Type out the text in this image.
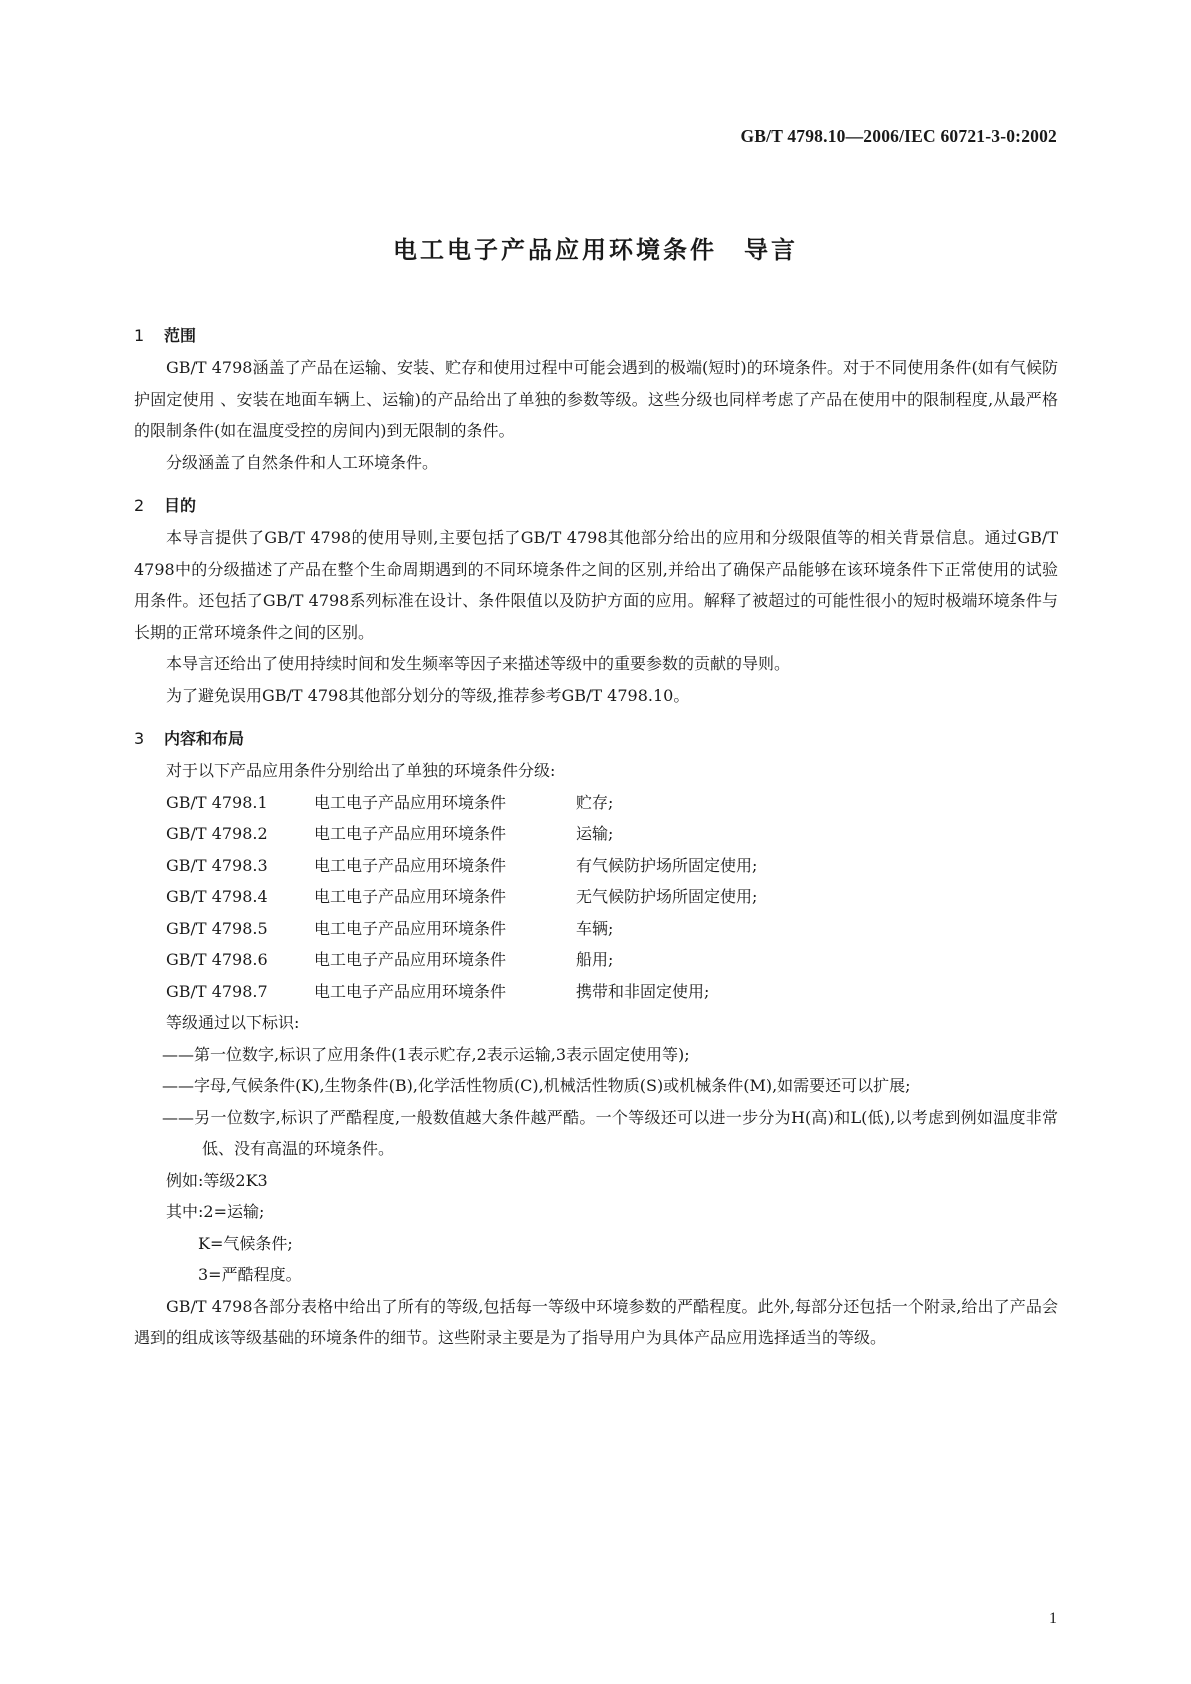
GB/T 4798.10—2006/IEC 60721-3-0:2002
电工电子产品应用环境条件　导言
1 范围

GB/T 4798涵盖了产品在运输、安装、贮存和使用过程中可能会遇到的极端(短时)的环境条件。对于不同使用条件(如有气候防护固定使用 、安装在地面车辆上、运输)的产品给出了单独的参数等级。这些分级也同样考虑了产品在使用中的限制程度,从最严格的限制条件(如在温度受控的房间内)到无限制的条件。

分级涵盖了自然条件和人工环境条件。

2 目的

本导言提供了GB/T 4798的使用导则,主要包括了GB/T 4798其他部分给出的应用和分级限值等的相关背景信息。通过GB/T 4798中的分级描述了产品在整个生命周期遇到的不同环境条件之间的区别,并给出了确保产品能够在该环境条件下正常使用的试验用条件。还包括了GB/T 4798系列标准在设计、条件限值以及防护方面的应用。解释了被超过的可能性很小的短时极端环境条件与长期的正常环境条件之间的区别。

本导言还给出了使用持续时间和发生频率等因子来描述等级中的重要参数的贡献的导则。

为了避免误用GB/T 4798其他部分划分的等级,推荐参考GB/T 4798.10。

3 内容和布局

对于以下产品应用条件分别给出了单独的环境条件分级:

GB/T 4798.1	电工电子产品应用环境条件	贮存;
GB/T 4798.2	电工电子产品应用环境条件	运输;
GB/T 4798.3	电工电子产品应用环境条件	有气候防护场所固定使用;
GB/T 4798.4	电工电子产品应用环境条件	无气候防护场所固定使用;
GB/T 4798.5	电工电子产品应用环境条件	车辆;
GB/T 4798.6	电工电子产品应用环境条件	船用;
GB/T 4798.7	电工电子产品应用环境条件	携带和非固定使用;
等级通过以下标识:

——第一位数字,标识了应用条件(1表示贮存,2表示运输,3表示固定使用等);

——字母,气候条件(K),生物条件(B),化学活性物质(C),机械活性物质(S)或机械条件(M),如需要还可以扩展;

——另一位数字,标识了严酷程度,一般数值越大条件越严酷。一个等级还可以进一步分为H(高)和L(低),以考虑到例如温度非常低、没有高温的环境条件。

例如:等级2K3
其中:2=运输;
K=气候条件;
3=严酷程度。

GB/T 4798各部分表格中给出了所有的等级,包括每一等级中环境参数的严酷程度。此外,每部分还包括一个附录,给出了产品会遇到的组成该等级基础的环境条件的细节。这些附录主要是为了指导用户为具体产品应用选择适当的等级。

1
